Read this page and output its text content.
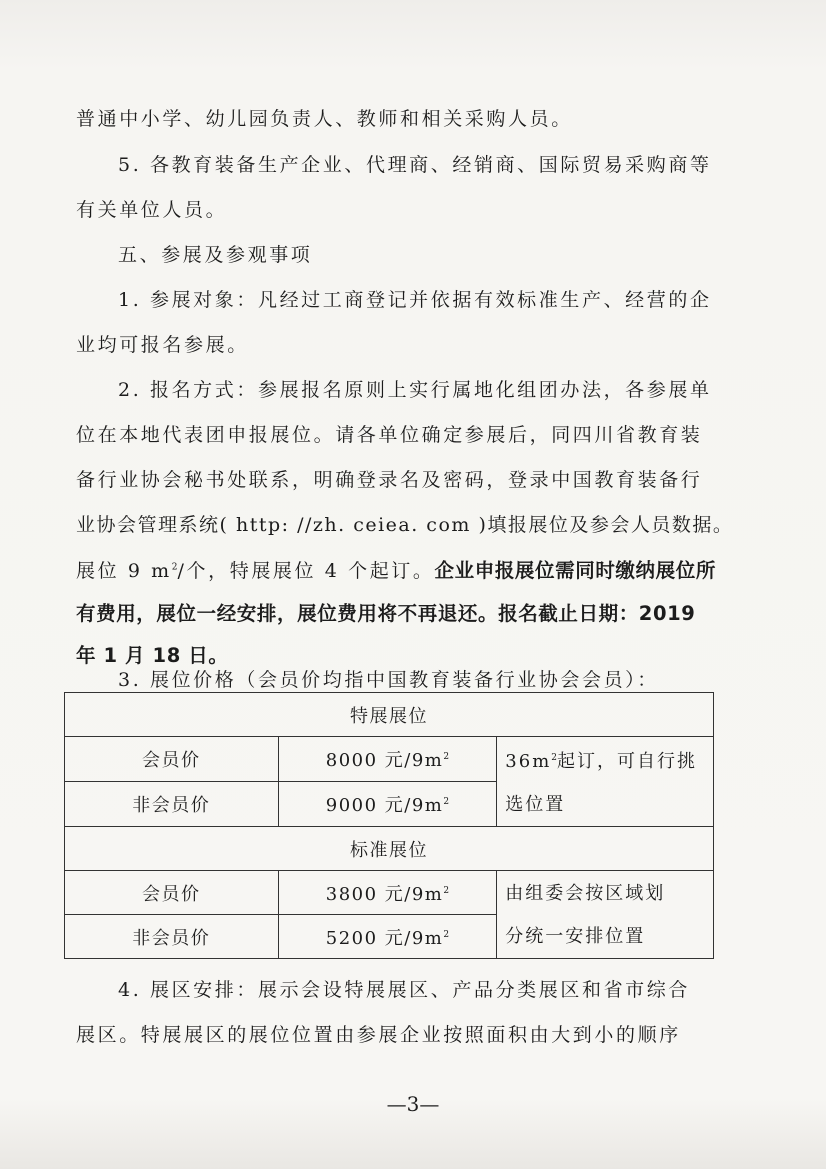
普通中小学、幼儿园负责人、教师和相关采购人员。
5. 各教育装备生产企业、代理商、经销商、国际贸易采购商等
有关单位人员。
五、参展及参观事项
1. 参展对象：凡经过工商登记并依据有效标准生产、经营的企
业均可报名参展。
2. 报名方式：参展报名原则上实行属地化组团办法，各参展单
位在本地代表团申报展位。请各单位确定参展后，同四川省教育装
备行业协会秘书处联系，明确登录名及密码，登录中国教育装备行
业协会管理系统( http: //zh. ceiea. com )填报展位及参会人员数据。
展位 9 $m^2/$个，特展展位 4 个起订。企业申报展位需同时缴纳展位所
有费用，展位一经安排，展位费用将不再退还。报名截止日期：2019
年 1 月 18 日。
3. 展位价格（会员价均指中国教育装备行业协会会员）：
特展展位		
会员价	8000 元$/9m^2$	$36m^2$起订，可自行挑
选位置

非会员价	9000 元$/9m^2$
标准展位		
会员价	3800 元$/9m^2$	由组委会按区域划
分统一安排位置

非会员价	5200 元$/9m^2$
4. 展区安排：展示会设特展展区、产品分类展区和省市综合
展区。特展展区的展位位置由参展企业按照面积由大到小的顺序
—3—
